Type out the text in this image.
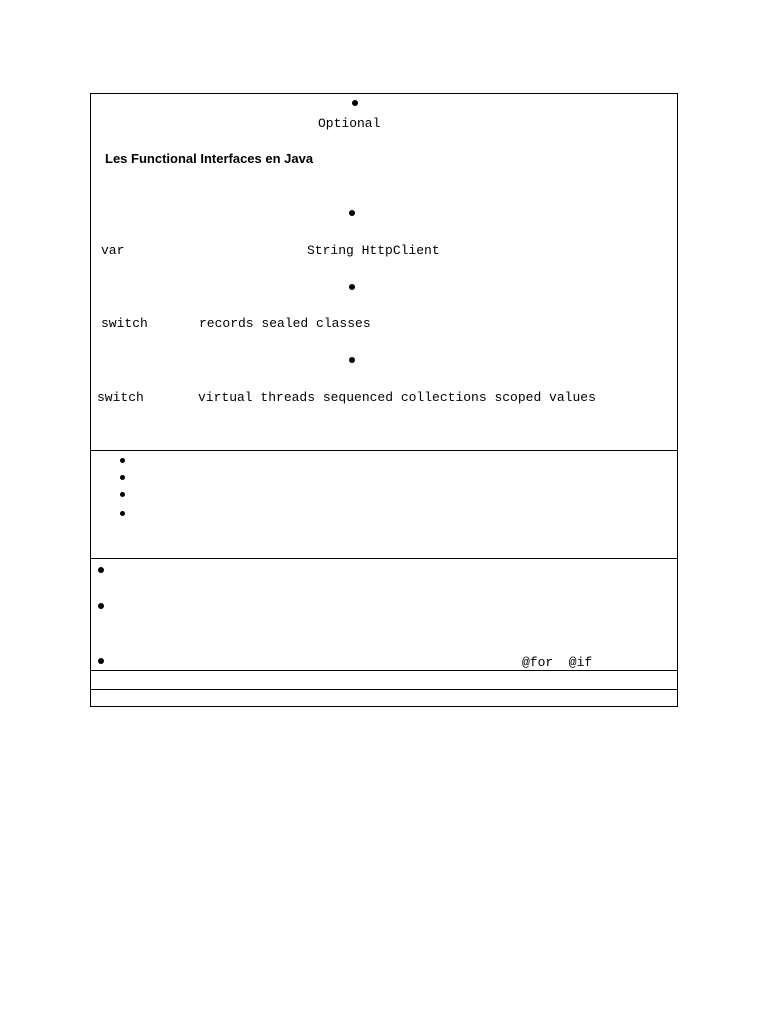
Optional
Les Functional Interfaces en Java
var	String HttpClient
switch	records sealed classes
switch	virtual threads sequenced collections scoped values
@for  @if
